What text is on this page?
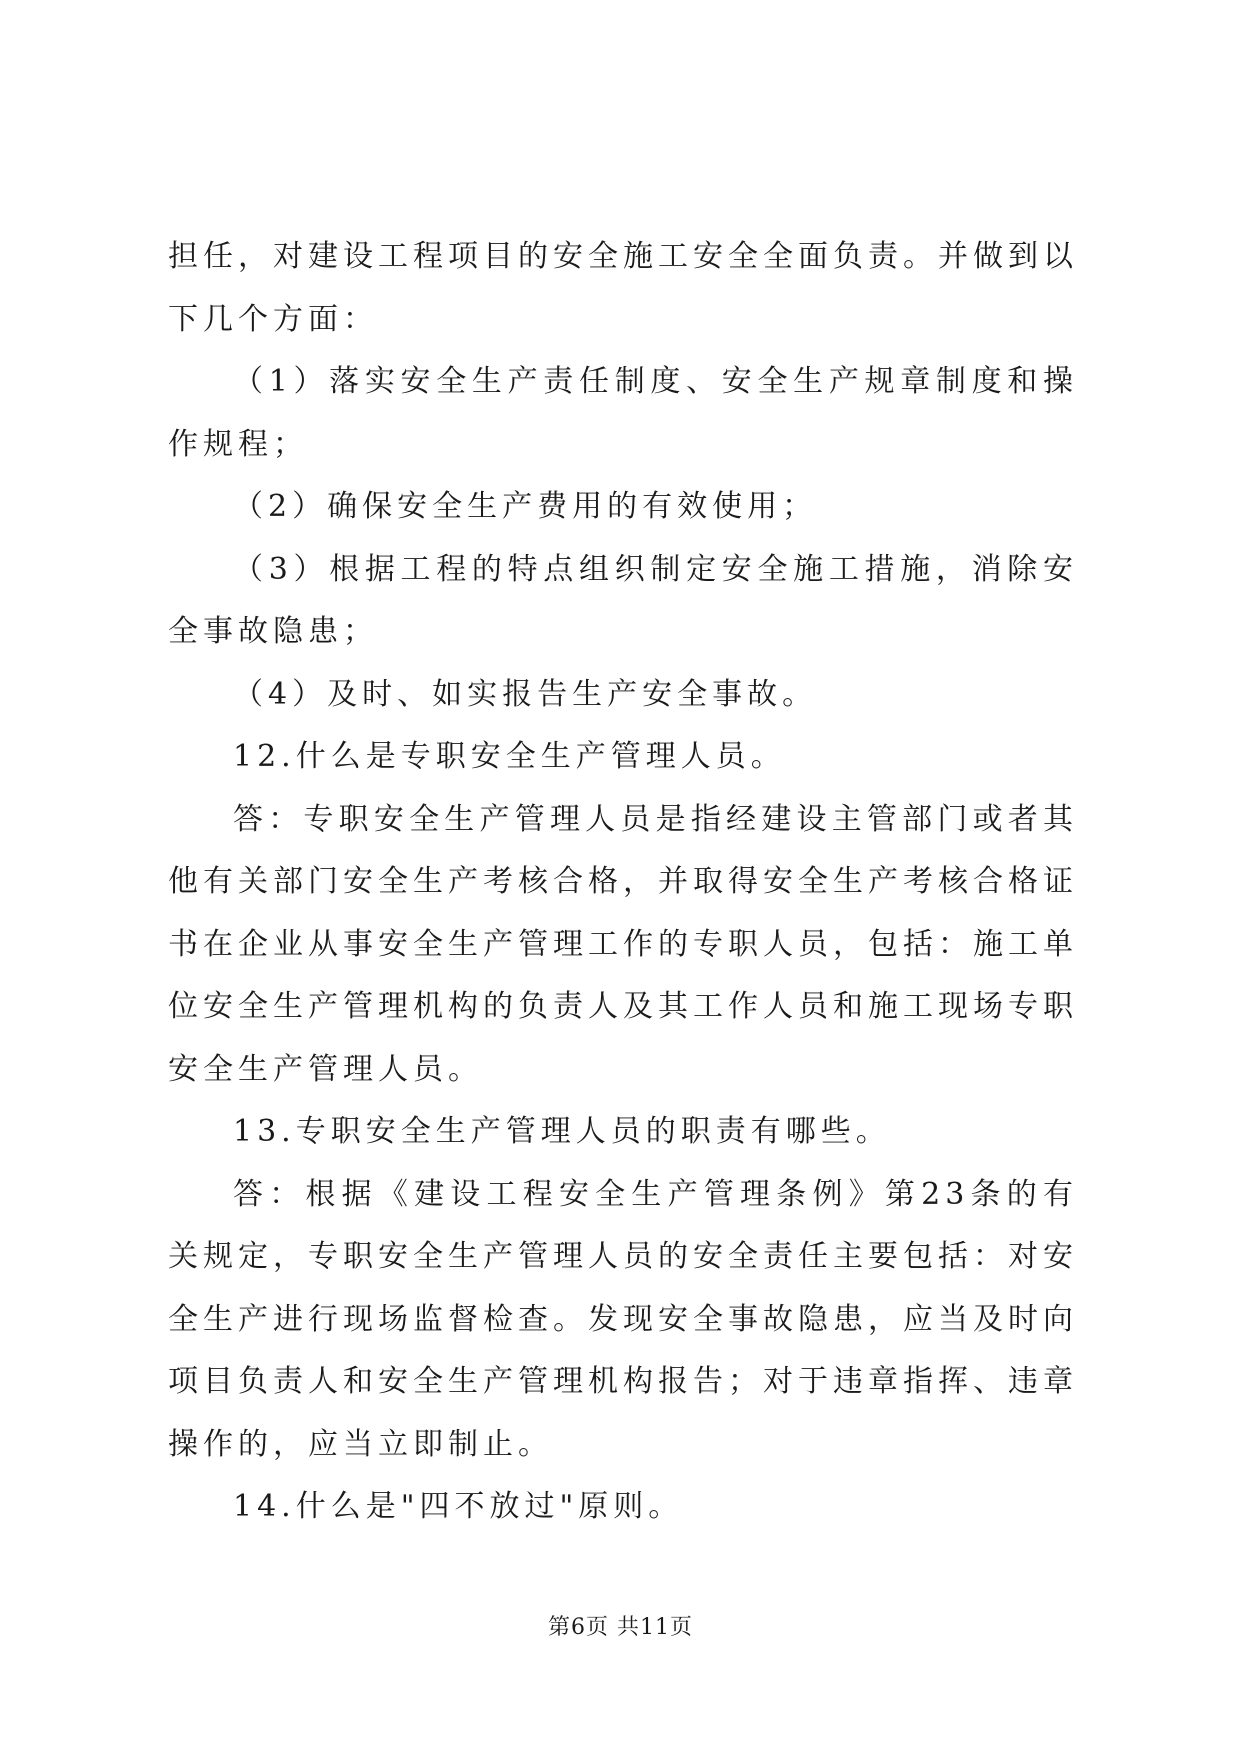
担任，对建设工程项目的安全施工安全全面负责。并做到以下几个方面：

（1）落实安全生产责任制度、安全生产规章制度和操作规程；

（2）确保安全生产费用的有效使用；

（3）根据工程的特点组织制定安全施工措施，消除安全事故隐患；

（4）及时、如实报告生产安全事故。

12.什么是专职安全生产管理人员。

答：专职安全生产管理人员是指经建设主管部门或者其他有关部门安全生产考核合格，并取得安全生产考核合格证书在企业从事安全生产管理工作的专职人员，包括：施工单位安全生产管理机构的负责人及其工作人员和施工现场专职安全生产管理人员。

13.专职安全生产管理人员的职责有哪些。

答：根据《建设工程安全生产管理条例》第23条的有关规定，专职安全生产管理人员的安全责任主要包括：对安全生产进行现场监督检查。发现安全事故隐患，应当及时向项目负责人和安全生产管理机构报告；对于违章指挥、违章操作的，应当立即制止。

14.什么是"四不放过"原则。

第6页 共11页
